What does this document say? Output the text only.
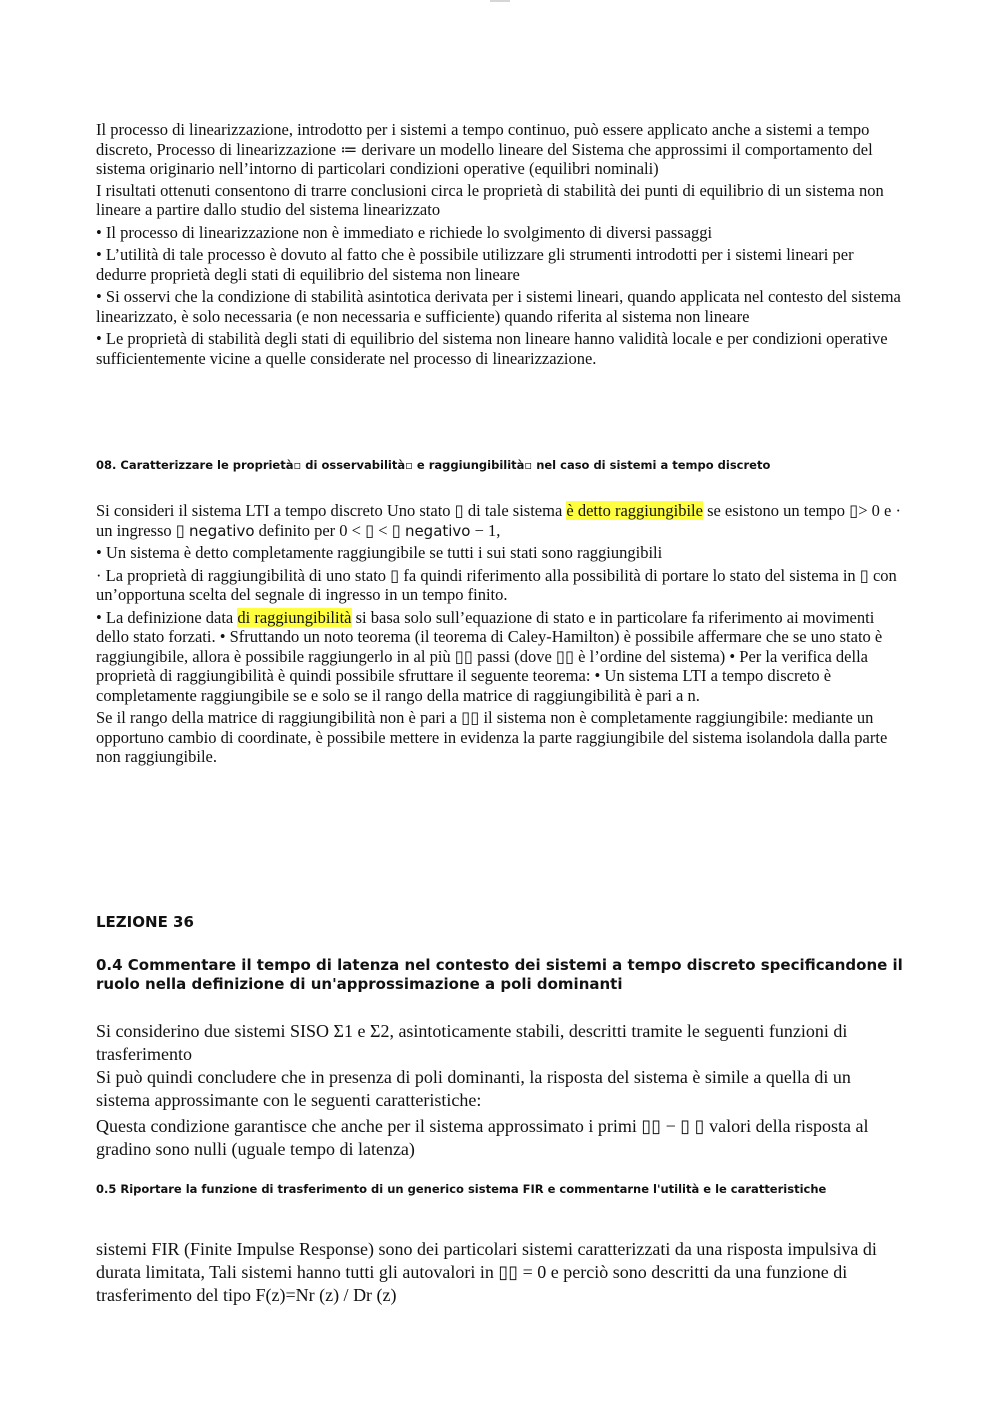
Il processo di linearizzazione, introdotto per i sistemi a tempo continuo, può essere applicato anche a sistemi a tempo discreto, Processo di linearizzazione ≔ derivare un modello lineare del Sistema che approssimi il comportamento del sistema originario nell’intorno di particolari condizioni operative (equilibri nominali)

I risultati ottenuti consentono di trarre conclusioni circa le proprietà di stabilità dei punti di equilibrio di un sistema non lineare a partire dallo studio del sistema linearizzato

• Il processo di linearizzazione non è immediato e richiede lo svolgimento di diversi passaggi

• L’utilità di tale processo è dovuto al fatto che è possibile utilizzare gli strumenti introdotti per i sistemi lineari per dedurre proprietà degli stati di equilibrio del sistema non lineare

• Si osservi che la condizione di stabilità asintotica derivata per i sistemi lineari, quando applicata nel contesto del sistema linearizzato, è solo necessaria (e non necessaria e sufficiente) quando riferita al sistema non lineare

• Le proprietà di stabilità degli stati di equilibrio del sistema non lineare hanno validità locale e per condizioni operative sufficientemente vicine a quelle considerate nel processo di linearizzazione.

08. Caratterizzare le proprietà▫ di osservabilità▫ e raggiungibilità▫ nel caso di sistemi a tempo discreto

Si consideri il sistema LTI a tempo discreto Uno stato ▯ di tale sistema è detto raggiungibile se esistono un tempo ▯> 0 e · un ingresso ▯ negativo definito per 0 < ▯ < ▯ negativo − 1,

• Un sistema è detto completamente raggiungibile se tutti i sui stati sono raggiungibili

· La proprietà di raggiungibilità di uno stato ▯ fa quindi riferimento alla possibilità di portare lo stato del sistema in ▯ con un’opportuna scelta del segnale di ingresso in un tempo finito.

• La definizione data di raggiungibilità si basa solo sull’equazione di stato e in particolare fa riferimento ai movimenti dello stato forzati. • Sfruttando un noto teorema (il teorema di Caley-Hamilton) è possibile affermare che se uno stato è raggiungibile, allora è possibile raggiungerlo in al più ▯▯ passi (dove ▯▯ è l’ordine del sistema) • Per la verifica della proprietà di raggiungibilità è quindi possibile sfruttare il seguente teorema: • Un sistema LTI a tempo discreto è completamente raggiungibile se e solo se il rango della matrice di raggiungibilità è pari a n.

Se il rango della matrice di raggiungibilità non è pari a ▯▯ il sistema non è completamente raggiungibile: mediante un opportuno cambio di coordinate, è possibile mettere in evidenza la parte raggiungibile del sistema isolandola dalla parte non raggiungibile.

LEZIONE 36
0.4 Commentare il tempo di latenza nel contesto dei sistemi a tempo discreto specificandone il ruolo nella definizione di un'approssimazione a poli dominanti

Si considerino due sistemi SISO Σ1 e Σ2, asintoticamente stabili, descritti tramite le seguenti funzioni di trasferimento

Si può quindi concludere che in presenza di poli dominanti, la risposta del sistema è simile a quella di un sistema approssimante con le seguenti caratteristiche:

Questa condizione garantisce che anche per il sistema approssimato i primi ▯▯ − ▯ ▯ valori della risposta al gradino sono nulli (uguale tempo di latenza)

0.5 Riportare la funzione di trasferimento di un generico sistema FIR e commentarne l'utilità e le caratteristiche

sistemi FIR (Finite Impulse Response) sono dei particolari sistemi caratterizzati da una risposta impulsiva di durata limitata, Tali sistemi hanno tutti gli autovalori in ▯▯ = 0 e perciò sono descritti da una funzione di trasferimento del tipo F(z)=Nr (z) / Dr (z)
